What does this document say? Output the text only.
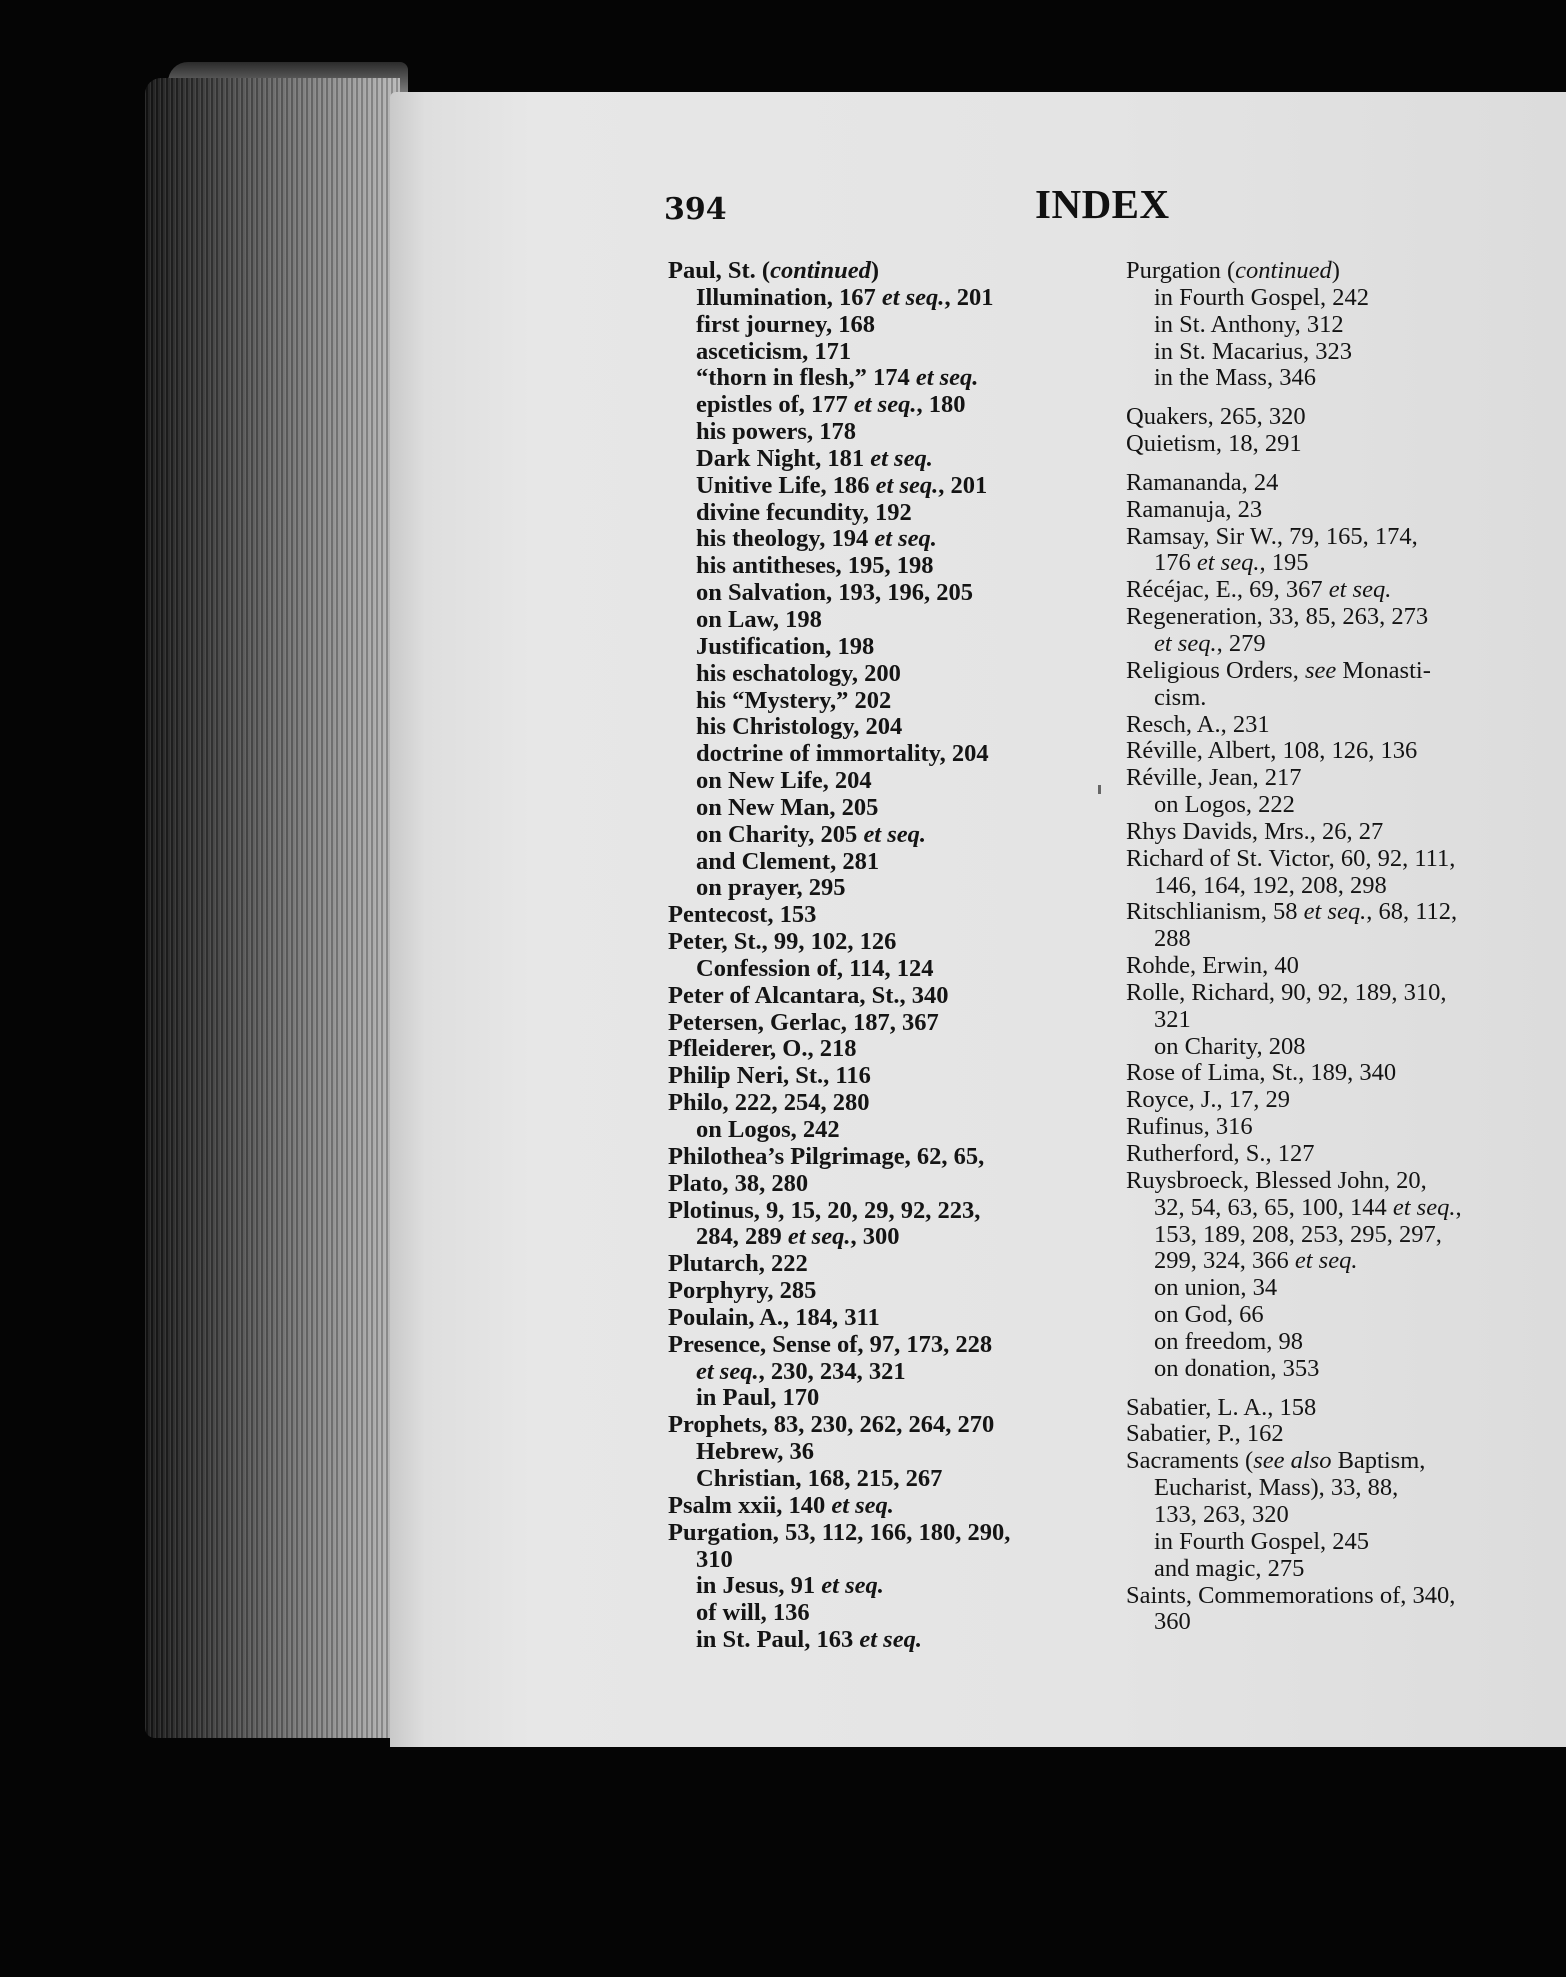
394	INDEX
Paul, St. (continued)
Illumination, 167 et seq., 201
first journey, 168
asceticism, 171
“thorn in flesh,” 174 et seq.
epistles of, 177 et seq., 180
his powers, 178
Dark Night, 181 et seq.
Unitive Life, 186 et seq., 201
divine fecundity, 192
his theology, 194 et seq.
his antitheses, 195, 198
on Salvation, 193, 196, 205
on Law, 198
Justification, 198
his eschatology, 200
his “Mystery,” 202
his Christology, 204
doctrine of immortality, 204
on New Life, 204
on New Man, 205
on Charity, 205 et seq.
and Clement, 281
on prayer, 295
Pentecost, 153
Peter, St., 99, 102, 126
Confession of, 114, 124
Peter of Alcantara, St., 340
Petersen, Gerlac, 187, 367
Pfleiderer, O., 218
Philip Neri, St., 116
Philo, 222, 254, 280
on Logos, 242
Philothea’s Pilgrimage, 62, 65,
Plato, 38, 280
Plotinus, 9, 15, 20, 29, 92, 223,
284, 289 et seq., 300
Plutarch, 222
Porphyry, 285
Poulain, A., 184, 311
Presence, Sense of, 97, 173, 228
et seq., 230, 234, 321
in Paul, 170
Prophets, 83, 230, 262, 264, 270
Hebrew, 36
Christian, 168, 215, 267
Psalm xxii, 140 et seq.
Purgation, 53, 112, 166, 180, 290,
310
in Jesus, 91 et seq.
of will, 136
in St. Paul, 163 et seq.
Purgation (continued)
in Fourth Gospel, 242
in St. Anthony, 312
in St. Macarius, 323
in the Mass, 346
Quakers, 265, 320
Quietism, 18, 291
Ramananda, 24
Ramanuja, 23
Ramsay, Sir W., 79, 165, 174,
176 et seq., 195
Récéjac, E., 69, 367 et seq.
Regeneration, 33, 85, 263, 273
et seq., 279
Religious Orders, see Monasti-
cism.
Resch, A., 231
Réville, Albert, 108, 126, 136
Réville, Jean, 217
on Logos, 222
Rhys Davids, Mrs., 26, 27
Richard of St. Victor, 60, 92, 111,
146, 164, 192, 208, 298
Ritschlianism, 58 et seq., 68, 112,
288
Rohde, Erwin, 40
Rolle, Richard, 90, 92, 189, 310,
321
on Charity, 208
Rose of Lima, St., 189, 340
Royce, J., 17, 29
Rufinus, 316
Rutherford, S., 127
Ruysbroeck, Blessed John, 20,
32, 54, 63, 65, 100, 144 et seq.,
153, 189, 208, 253, 295, 297,
299, 324, 366 et seq.
on union, 34
on God, 66
on freedom, 98
on donation, 353
Sabatier, L. A., 158
Sabatier, P., 162
Sacraments (see also Baptism,
Eucharist, Mass), 33, 88,
133, 263, 320
in Fourth Gospel, 245
and magic, 275
Saints, Commemorations of, 340,
360
